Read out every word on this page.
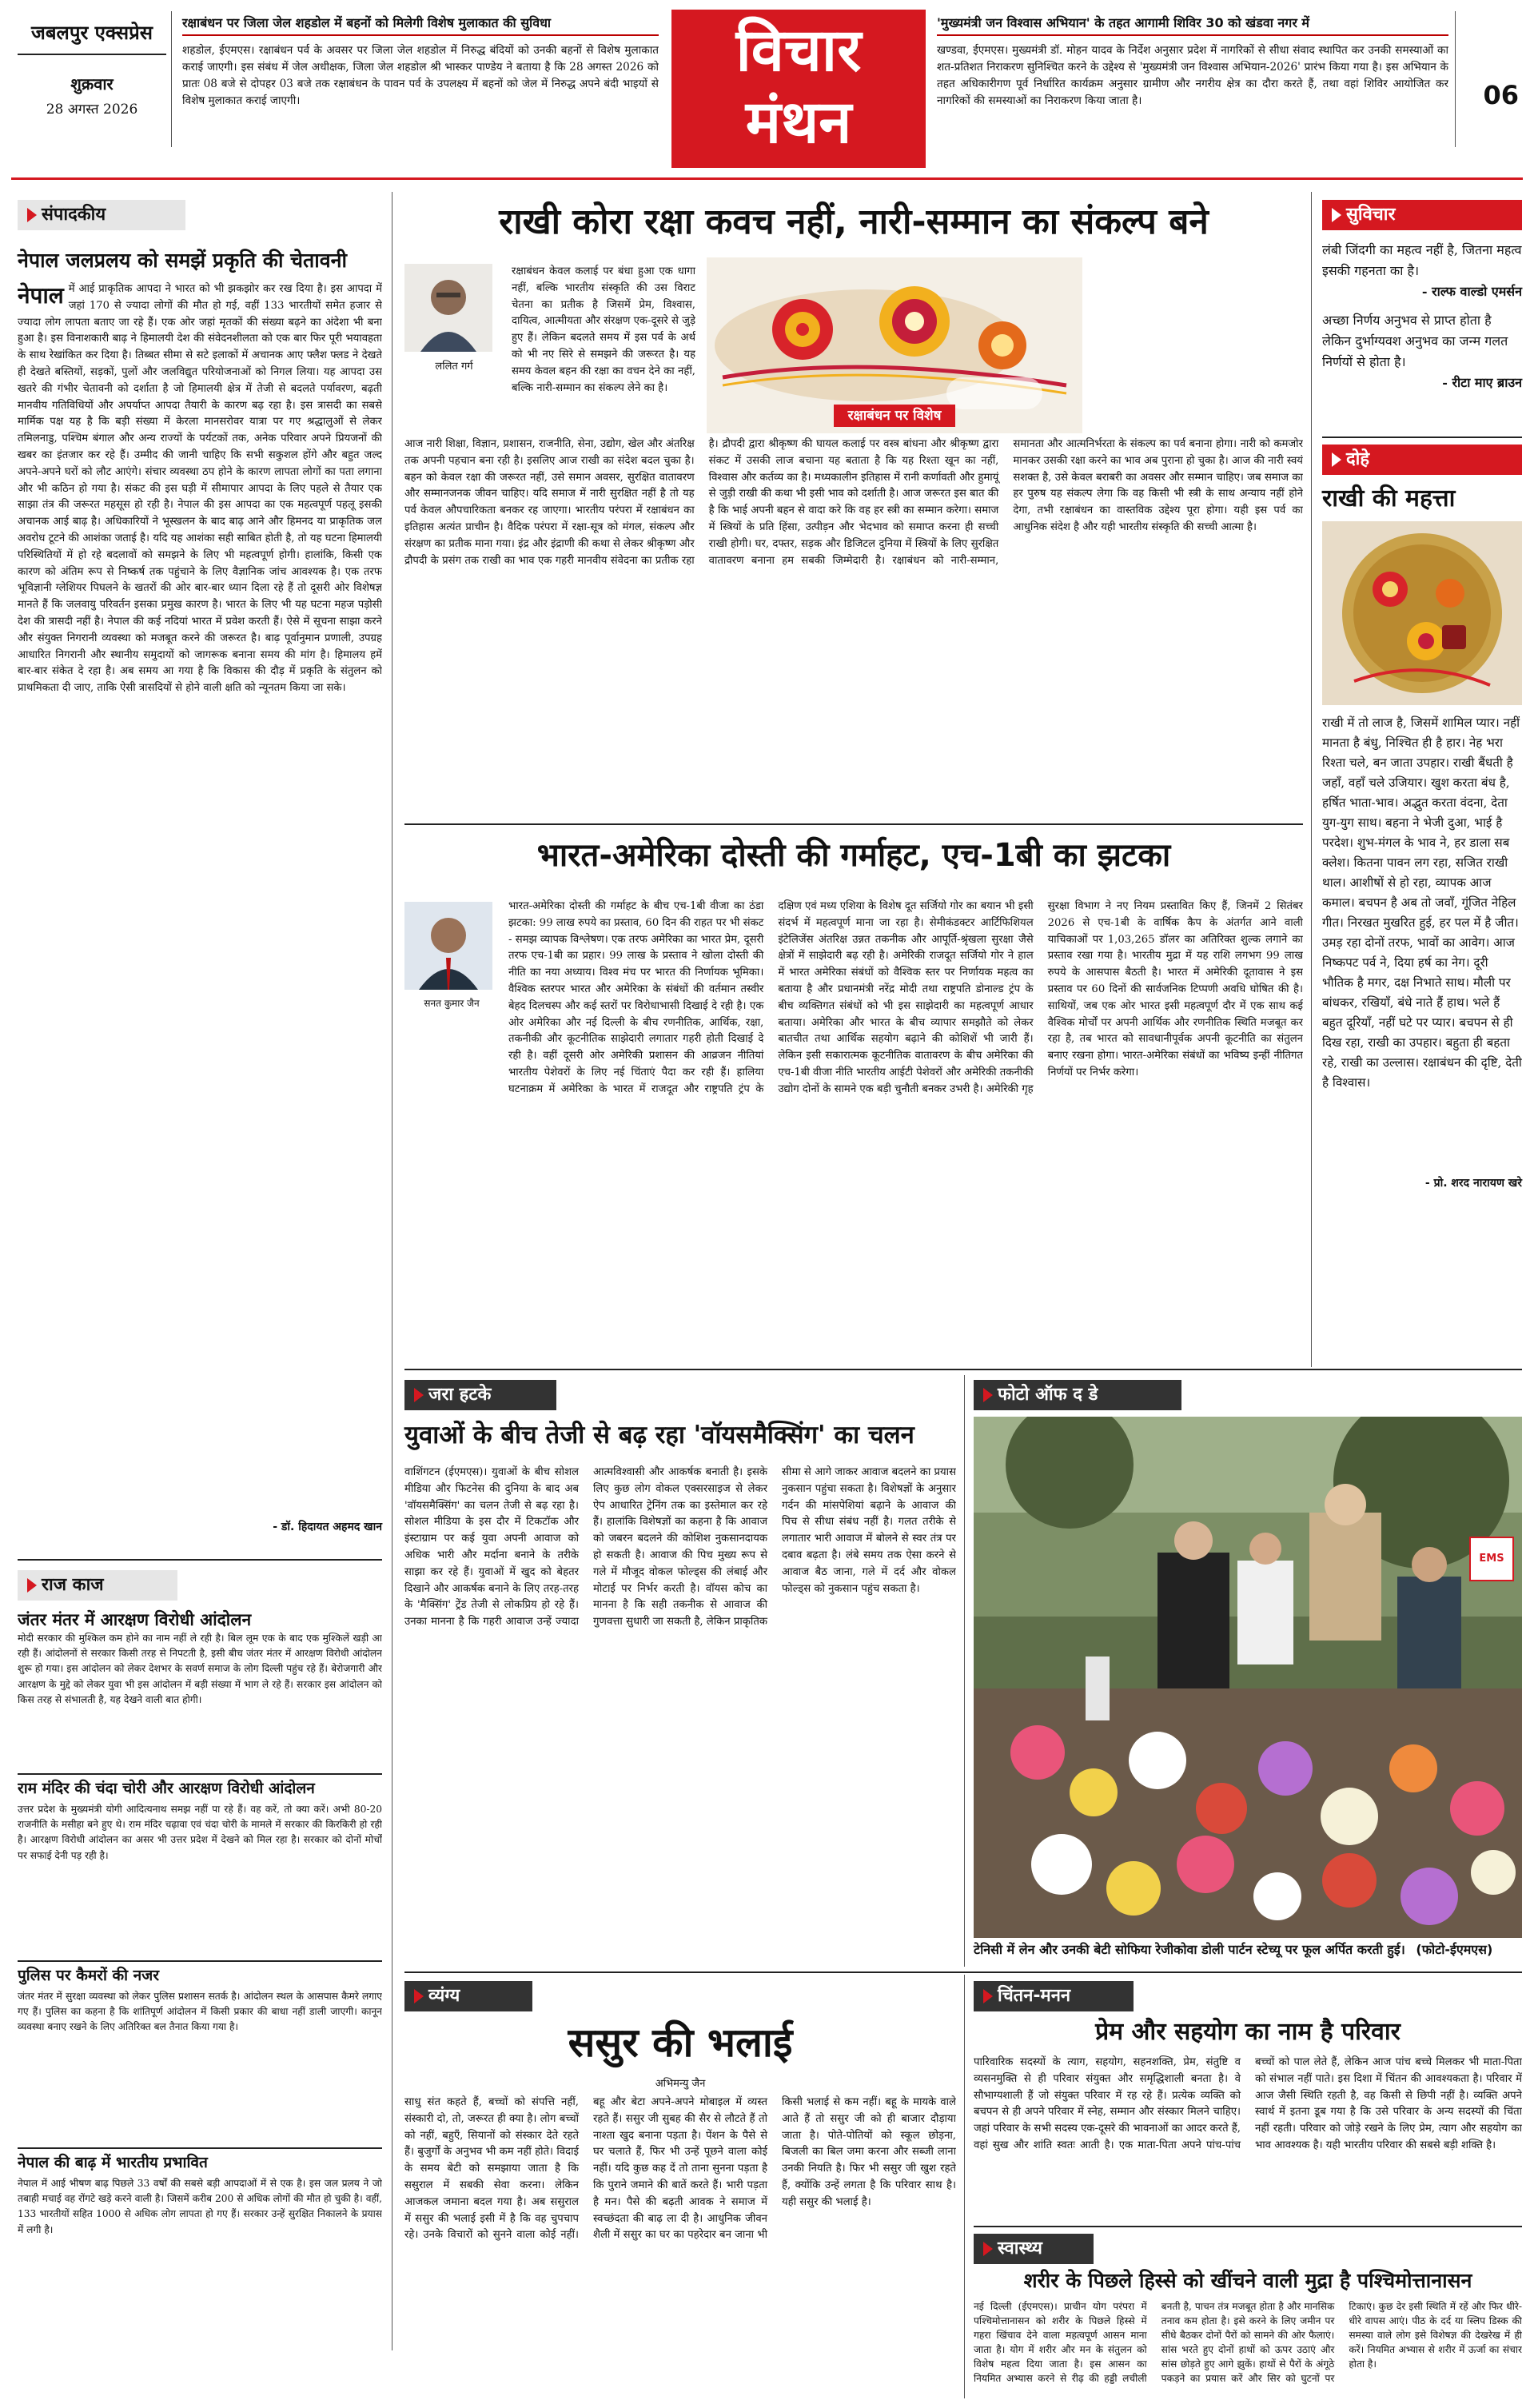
जबलपुर एक्सप्रेस
शुक्रवार
28 अगस्त 2026
रक्षाबंधन पर जिला जेल शहडोल में बहनों को मिलेगी विशेष मुलाकात की सुविधा
शहडोल, ईएमएस। रक्षाबंधन पर्व के अवसर पर जिला जेल शहडोल में निरुद्ध बंदियों को उनकी बहनों से विशेष मुलाकात कराई जाएगी। इस संबंध में जेल अधीक्षक, जिला जेल शहडोल श्री भास्कर पाण्डेय ने बताया है कि 28 अगस्त 2026 को प्रातः 08 बजे से दोपहर 03 बजे तक रक्षाबंधन के पावन पर्व के उपलक्ष्य में बहनों को जेल में निरुद्ध अपने बंदी भाइयों से विशेष मुलाकात कराई जाएगी।
विचार
मंथन
'मुख्यमंत्री जन विश्वास अभियान' के तहत आगामी शिविर 30 को खंडवा नगर में
खण्डवा, ईएमएस। मुख्यमंत्री डॉ. मोहन यादव के निर्देश अनुसार प्रदेश में नागरिकों से सीधा संवाद स्थापित कर उनकी समस्याओं का शत-प्रतिशत निराकरण सुनिश्चित करने के उद्देश्य से 'मुख्यमंत्री जन विश्वास अभियान-2026' प्रारंभ किया गया है। इस अभियान के तहत अधिकारीगण पूर्व निर्धारित कार्यक्रम अनुसार ग्रामीण और नगरीय क्षेत्र का दौरा करते हैं, तथा वहां शिविर आयोजित कर नागरिकों की समस्याओं का निराकरण किया जाता है।	06
संपादकीय
नेपाल जलप्रलय को समझें प्रकृति की चेतावनी
नेपाल में आई प्राकृतिक आपदा ने भारत को भी झकझोर कर रख दिया है। इस आपदा में जहां 170 से ज्यादा लोगों की मौत हो गई, वहीं 133 भारतीयों समेत हजार से ज्यादा लोग लापता बताए जा रहे हैं। एक ओर जहां मृतकों की संख्या बढ़ने का अंदेशा भी बना हुआ है। इस विनाशकारी बाढ़ ने हिमालयी देश की संवेदनशीलता को एक बार फिर पूरी भयावहता के साथ रेखांकित कर दिया है। तिब्बत सीमा से सटे इलाकों में अचानक आए फ्लैश फ्लड ने देखते ही देखते बस्तियों, सड़कों, पुलों और जलविद्युत परियोजनाओं को निगल लिया। यह आपदा उस खतरे की गंभीर चेतावनी को दर्शाता है जो हिमालयी क्षेत्र में तेजी से बदलते पर्यावरण, बढ़ती मानवीय गतिविधियों और अपर्याप्त आपदा तैयारी के कारण बढ़ रहा है। इस त्रासदी का सबसे मार्मिक पक्ष यह है कि बड़ी संख्या में केरला मानसरोवर यात्रा पर गए श्रद्धालुओं से लेकर तमिलनाडु, पश्चिम बंगाल और अन्य राज्यों के पर्यटकों तक, अनेक परिवार अपने प्रियजनों की खबर का इंतजार कर रहे हैं। उम्मीद की जानी चाहिए कि सभी सकुशल होंगे और बहुत जल्द अपने-अपने घरों को लौट आएंगे। संचार व्यवस्था ठप होने के कारण लापता लोगों का पता लगाना और भी कठिन हो गया है। संकट की इस घड़ी में सीमापार आपदा के लिए पहले से तैयार एक साझा तंत्र की जरूरत महसूस हो रही है। नेपाल की इस आपदा का एक महत्वपूर्ण पहलू इसकी अचानक आई बाढ़ है। अधिकारियों ने भूस्खलन के बाद बाढ़ आने और हिमनद या प्राकृतिक जल अवरोध टूटने की आशंका जताई है। यदि यह आशंका सही साबित होती है, तो यह घटना हिमालयी परिस्थितियों में हो रहे बदलावों को समझने के लिए भी महत्वपूर्ण होगी। हालांकि, किसी एक कारण को अंतिम रूप से निष्कर्ष तक पहुंचाने के लिए वैज्ञानिक जांच आवश्यक है। एक तरफ भूविज्ञानी ग्लेशियर पिघलने के खतरों की ओर बार-बार ध्यान दिला रहे हैं तो दूसरी ओर विशेषज्ञ मानते हैं कि जलवायु परिवर्तन इसका प्रमुख कारण है। भारत के लिए भी यह घटना महज पड़ोसी देश की त्रासदी नहीं है। नेपाल की कई नदियां भारत में प्रवेश करती हैं। ऐसे में सूचना साझा करने और संयुक्त निगरानी व्यवस्था को मजबूत करने की जरूरत है। बाढ़ पूर्वानुमान प्रणाली, उपग्रह आधारित निगरानी और स्थानीय समुदायों को जागरूक बनाना समय की मांग है। हिमालय हमें बार-बार संकेत दे रहा है। अब समय आ गया है कि विकास की दौड़ में प्रकृति के संतुलन को प्राथमिकता दी जाए, ताकि ऐसी त्रासदियों से होने वाली क्षति को न्यूनतम किया जा सके।
- डॉ. हिदायत अहमद खान
राज काज
जंतर मंतर में आरक्षण विरोधी आंदोलन
मोदी सरकार की मुश्किल कम होने का नाम नहीं ले रही है। बिल लूम एक के बाद एक मुश्किलें खड़ी आ रही हैं। आंदोलनों से सरकार किसी तरह से निपटती है, इसी बीच जंतर मंतर में आरक्षण विरोधी आंदोलन शुरू हो गया। इस आंदोलन को लेकर देशभर के सवर्ण समाज के लोग दिल्ली पहुंच रहे हैं। बेरोजगारी और आरक्षण के मुद्दे को लेकर युवा भी इस आंदोलन में बड़ी संख्या में भाग ले रहे हैं। सरकार इस आंदोलन को किस तरह से संभालती है, यह देखने वाली बात होगी।
राम मंदिर की चंदा चोरी और आरक्षण विरोधी आंदोलन
उत्तर प्रदेश के मुख्यमंत्री योगी आदित्यनाथ समझ नहीं पा रहे हैं। वह करें, तो क्या करें। अभी 80-20 राजनीति के मसीहा बने हुए थे। राम मंदिर चढ़ावा एवं चंदा चोरी के मामले में सरकार की किरकिरी हो रही है। आरक्षण विरोधी आंदोलन का असर भी उत्तर प्रदेश में देखने को मिल रहा है। सरकार को दोनों मोर्चों पर सफाई देनी पड़ रही है।
पुलिस पर कैमरों की नजर
जंतर मंतर में सुरक्षा व्यवस्था को लेकर पुलिस प्रशासन सतर्क है। आंदोलन स्थल के आसपास कैमरे लगाए गए हैं। पुलिस का कहना है कि शांतिपूर्ण आंदोलन में किसी प्रकार की बाधा नहीं डाली जाएगी। कानून व्यवस्था बनाए रखने के लिए अतिरिक्त बल तैनात किया गया है।
नेपाल की बाढ़ में भारतीय प्रभावित
नेपाल में आई भीषण बाढ़ पिछले 33 वर्षों की सबसे बड़ी आपदाओं में से एक है। इस जल प्रलय ने जो तबाही मचाई वह रोंगटे खड़े करने वाली है। जिसमें करीब 200 से अधिक लोगों की मौत हो चुकी है। वहीं, 133 भारतीयों सहित 1000 से अधिक लोग लापता हो गए हैं। सरकार उन्हें सुरक्षित निकालने के प्रयास में लगी है।
राखी कोरा रक्षा कवच नहीं, नारी-सम्मान का संकल्प बने
ललित गर्ग
रक्षाबंधन केवल कलाई पर बंधा हुआ एक धागा नहीं, बल्कि भारतीय संस्कृति की उस विराट चेतना का प्रतीक है जिसमें प्रेम, विश्वास, दायित्व, आत्मीयता और संरक्षण एक-दूसरे से जुड़े हुए हैं। लेकिन बदलते समय में इस पर्व के अर्थ को भी नए सिरे से समझने की जरूरत है। यह समय केवल बहन की रक्षा का वचन देने का नहीं, बल्कि नारी-सम्मान का संकल्प लेने का है।
रक्षाबंधन पर विशेष
आज नारी शिक्षा, विज्ञान, प्रशासन, राजनीति, सेना, उद्योग, खेल और अंतरिक्ष तक अपनी पहचान बना रही है। इसलिए आज राखी का संदेश बदल चुका है। बहन को केवल रक्षा की जरूरत नहीं, उसे समान अवसर, सुरक्षित वातावरण और सम्मानजनक जीवन चाहिए। यदि समाज में नारी सुरक्षित नहीं है तो यह पर्व केवल औपचारिकता बनकर रह जाएगा। भारतीय परंपरा में रक्षाबंधन का इतिहास अत्यंत प्राचीन है। वैदिक परंपरा में रक्षा-सूत्र को मंगल, संकल्प और संरक्षण का प्रतीक माना गया। इंद्र और इंद्राणी की कथा से लेकर श्रीकृष्ण और द्रौपदी के प्रसंग तक राखी का भाव एक गहरी मानवीय संवेदना का प्रतीक रहा है। द्रौपदी द्वारा श्रीकृष्ण की घायल कलाई पर वस्त्र बांधना और श्रीकृष्ण द्वारा संकट में उसकी लाज बचाना यह बताता है कि यह रिश्ता खून का नहीं, विश्वास और कर्तव्य का है। मध्यकालीन इतिहास में रानी कर्णावती और हुमायूं से जुड़ी राखी की कथा भी इसी भाव को दर्शाती है। आज जरूरत इस बात की है कि भाई अपनी बहन से वादा करे कि वह हर स्त्री का सम्मान करेगा। समाज में स्त्रियों के प्रति हिंसा, उत्पीड़न और भेदभाव को समाप्त करना ही सच्ची राखी होगी। घर, दफ्तर, सड़क और डिजिटल दुनिया में स्त्रियों के लिए सुरक्षित वातावरण बनाना हम सबकी जिम्मेदारी है। रक्षाबंधन को नारी-सम्मान, समानता और आत्मनिर्भरता के संकल्प का पर्व बनाना होगा। नारी को कमजोर मानकर उसकी रक्षा करने का भाव अब पुराना हो चुका है। आज की नारी स्वयं सशक्त है, उसे केवल बराबरी का अवसर और सम्मान चाहिए। जब समाज का हर पुरुष यह संकल्प लेगा कि वह किसी भी स्त्री के साथ अन्याय नहीं होने देगा, तभी रक्षाबंधन का वास्तविक उद्देश्य पूरा होगा। यही इस पर्व का आधुनिक संदेश है और यही भारतीय संस्कृति की सच्ची आत्मा है।
सुविचार
लंबी जिंदगी का महत्व नहीं है, जितना महत्व इसकी गहनता का है।
- राल्फ वाल्डो एमर्सन
अच्छा निर्णय अनुभव से प्राप्त होता है लेकिन दुर्भाग्यवश अनुभव का जन्म गलत निर्णयों से होता है।
- रीटा माए ब्राउन
दोहे
राखी की महत्ता
राखी में तो लाज है, जिसमें शामिल प्यार। नहीं मानता है बंधु, निश्चित ही है हार। नेह भरा रिश्ता चले, बन जाता उपहार। राखी बैंधती है जहाँ, वहाँ चले उजियार। खुश करता बंध है, हर्षित भाता-भाव। अद्भुत करता वंदना, देता युग-युग साथ। बहना ने भेजी दुआ, भाई है परदेश। शुभ-मंगल के भाव ने, हर डाला सब क्लेश। कितना पावन लग रहा, सजित राखी थाल। आशीषों से हो रहा, व्यापक आज कमाल। बचपन है अब तो जवाँ, गूंजित नेहिल गीत। निरखत मुखरित हुई, हर पल में है जीत। उमड़ रहा दोनों तरफ, भावों का आवेग। आज निष्कपट पर्व ने, दिया हर्ष का नेग। दूरी भौतिक है मगर, दक्ष निभाते साथ। मौली पर बांधकर, रखियाँ, बंधे नाते हैं हाथ। भले हैं बहुत दूरियाँ, नहीं घटे पर प्यार। बचपन से ही दिख रहा, राखी का उपहार। बहुता ही बहता रहे, राखी का उल्लास। रक्षाबंधन की दृष्टि, देती है विश्वास।
- प्रो. शरद नारायण खरे
भारत-अमेरिका दोस्ती की गर्माहट, एच-1बी का झटका
सनत कुमार जैन
भारत-अमेरिका दोस्ती की गर्माहट के बीच एच-1बी वीजा का ठंडा झटका: 99 लाख रुपये का प्रस्ताव, 60 दिन की राहत पर भी संकट - समझ व्यापक विश्लेषण। एक तरफ अमेरिका का भारत प्रेम, दूसरी तरफ एच-1बी का प्रहार। 99 लाख के प्रस्ताव ने खोला दोस्ती की नीति का नया अध्याय। विश्व मंच पर भारत की निर्णायक भूमिका। वैश्विक स्तरपर भारत और अमेरिका के संबंधों की वर्तमान तस्वीर बेहद दिलचस्प और कई स्तरों पर विरोधाभासी दिखाई दे रही है। एक ओर अमेरिका और नई दिल्ली के बीच रणनीतिक, आर्थिक, रक्षा, तकनीकी और कूटनीतिक साझेदारी लगातार गहरी होती दिखाई दे रही है। वहीं दूसरी ओर अमेरिकी प्रशासन की आव्रजन नीतियां भारतीय पेशेवरों के लिए नई चिंताएं पैदा कर रही हैं। हालिया घटनाक्रम में अमेरिका के भारत में राजदूत और राष्ट्रपति ट्रंप के दक्षिण एवं मध्य एशिया के विशेष दूत सर्जियो गोर का बयान भी इसी संदर्भ में महत्वपूर्ण माना जा रहा है। सेमीकंडक्टर आर्टिफिशियल इंटेलिजेंस अंतरिक्ष उन्नत तकनीक और आपूर्ति-श्रृंखला सुरक्षा जैसे क्षेत्रों में साझेदारी बढ़ रही है। अमेरिकी राजदूत सर्जियो गोर ने हाल में भारत अमेरिका संबंधों को वैश्विक स्तर पर निर्णायक महत्व का बताया है और प्रधानमंत्री नरेंद्र मोदी तथा राष्ट्रपति डोनाल्ड ट्रंप के बीच व्यक्तिगत संबंधों को भी इस साझेदारी का महत्वपूर्ण आधार बताया। अमेरिका और भारत के बीच व्यापार समझौते को लेकर बातचीत तथा आर्थिक सहयोग बढ़ाने की कोशिशें भी जारी हैं। लेकिन इसी सकारात्मक कूटनीतिक वातावरण के बीच अमेरिका की एच-1बी वीजा नीति भारतीय आईटी पेशेवरों और अमेरिकी तकनीकी उद्योग दोनों के सामने एक बड़ी चुनौती बनकर उभरी है। अमेरिकी गृह सुरक्षा विभाग ने नए नियम प्रस्तावित किए हैं, जिनमें 2 सितंबर 2026 से एच-1बी के वार्षिक कैप के अंतर्गत आने वाली याचिकाओं पर 1,03,265 डॉलर का अतिरिक्त शुल्क लगाने का प्रस्ताव रखा गया है। भारतीय मुद्रा में यह राशि लगभग 99 लाख रुपये के आसपास बैठती है। भारत में अमेरिकी दूतावास ने इस प्रस्ताव पर 60 दिनों की सार्वजनिक टिप्पणी अवधि घोषित की है। साथियों, जब एक ओर भारत इसी महत्वपूर्ण दौर में एक साथ कई वैश्विक मोर्चों पर अपनी आर्थिक और रणनीतिक स्थिति मजबूत कर रहा है, तब भारत को सावधानीपूर्वक अपनी कूटनीति का संतुलन बनाए रखना होगा। भारत-अमेरिका संबंधों का भविष्य इन्हीं नीतिगत निर्णयों पर निर्भर करेगा।
जरा हटके
युवाओं के बीच तेजी से बढ़ रहा 'वॉयसमैक्सिंग' का चलन
वाशिंगटन (ईएमएस)। युवाओं के बीच सोशल मीडिया और फिटनेस की दुनिया के बाद अब 'वॉयसमैक्सिंग' का चलन तेजी से बढ़ रहा है। सोशल मीडिया के इस दौर में टिकटॉक और इंस्टाग्राम पर कई युवा अपनी आवाज को अधिक भारी और मर्दाना बनाने के तरीके साझा कर रहे हैं। युवाओं में खुद को बेहतर दिखाने और आकर्षक बनाने के लिए तरह-तरह के 'मैक्सिंग' ट्रेंड तेजी से लोकप्रिय हो रहे हैं। उनका मानना है कि गहरी आवाज उन्हें ज्यादा आत्मविश्वासी और आकर्षक बनाती है। इसके लिए कुछ लोग वोकल एक्सरसाइज से लेकर ऐप आधारित ट्रेनिंग तक का इस्तेमाल कर रहे हैं। हालांकि विशेषज्ञों का कहना है कि आवाज को जबरन बदलने की कोशिश नुकसानदायक हो सकती है। आवाज की पिच मुख्य रूप से गले में मौजूद वोकल फोल्ड्स की लंबाई और मोटाई पर निर्भर करती है। वॉयस कोच का मानना है कि सही तकनीक से आवाज की गुणवत्ता सुधारी जा सकती है, लेकिन प्राकृतिक सीमा से आगे जाकर आवाज बदलने का प्रयास नुकसान पहुंचा सकता है। विशेषज्ञों के अनुसार गर्दन की मांसपेशियां बढ़ाने के आवाज की पिच से सीधा संबंध नहीं है। गलत तरीके से लगातार भारी आवाज में बोलने से स्वर तंत्र पर दबाव बढ़ता है। लंबे समय तक ऐसा करने से आवाज बैठ जाना, गले में दर्द और वोकल फोल्ड्स को नुकसान पहुंच सकता है।
फोटो ऑफ द डे
EMS
टेनिसी में लेन और उनकी बेटी सोफिया रेजीकोवा डोली पार्टन स्टेच्यू पर फूल अर्पित करती हुई। (फोटो-ईएमएस)
व्यंग्य
ससुर की भलाई
अभिमन्यु जैन
साधु संत कहते हैं, बच्चों को संपत्ति नहीं, संस्कारी दो, तो, जरूरत ही क्या है। लोग बच्चों को नहीं, बहुएँ, सियानों को संस्कार देते रहते हैं। बुजुर्गों के अनुभव भी कम नहीं होते। विदाई के समय बेटी को समझाया जाता है कि ससुराल में सबकी सेवा करना। लेकिन आजकल जमाना बदल गया है। अब ससुराल में ससुर की भलाई इसी में है कि वह चुपचाप रहे। उनके विचारों को सुनने वाला कोई नहीं। बहू और बेटा अपने-अपने मोबाइल में व्यस्त रहते हैं। ससुर जी सुबह की सैर से लौटते हैं तो नाश्ता खुद बनाना पड़ता है। पेंशन के पैसे से घर चलाते हैं, फिर भी उन्हें पूछने वाला कोई नहीं। यदि कुछ कह दें तो ताना सुनना पड़ता है कि पुराने जमाने की बातें करते हैं। भारी पड़ता है मन। पैसे की बढ़ती आवक ने समाज में स्वच्छंदता की बाढ़ ला दी है। आधुनिक जीवन शैली में ससुर का घर का पहरेदार बन जाना भी किसी भलाई से कम नहीं। बहू के मायके वाले आते हैं तो ससुर जी को ही बाजार दौड़ाया जाता है। पोते-पोतियों को स्कूल छोड़ना, बिजली का बिल जमा करना और सब्जी लाना उनकी नियति है। फिर भी ससुर जी खुश रहते हैं, क्योंकि उन्हें लगता है कि परिवार साथ है। यही ससुर की भलाई है।
चिंतन-मनन
प्रेम और सहयोग का नाम है परिवार
पारिवारिक सदस्यों के त्याग, सहयोग, सहनशक्ति, प्रेम, संतुष्टि व व्यसनमुक्ति से ही परिवार संयुक्त और समृद्धिशाली बनता है। वे सौभाग्यशाली हैं जो संयुक्त परिवार में रह रहे हैं। प्रत्येक व्यक्ति को बचपन से ही अपने परिवार में स्नेह, सम्मान और संस्कार मिलने चाहिए। जहां परिवार के सभी सदस्य एक-दूसरे की भावनाओं का आदर करते हैं, वहां सुख और शांति स्वतः आती है। एक माता-पिता अपने पांच-पांच बच्चों को पाल लेते हैं, लेकिन आज पांच बच्चे मिलकर भी माता-पिता को संभाल नहीं पाते। इस दिशा में चिंतन की आवश्यकता है। परिवार में आज जैसी स्थिति रहती है, वह किसी से छिपी नहीं है। व्यक्ति अपने स्वार्थ में इतना डूब गया है कि उसे परिवार के अन्य सदस्यों की चिंता नहीं रहती। परिवार को जोड़े रखने के लिए प्रेम, त्याग और सहयोग का भाव आवश्यक है। यही भारतीय परिवार की सबसे बड़ी शक्ति है।
स्वास्थ्य
शरीर के पिछले हिस्से को खींचने वाली मुद्रा है पश्चिमोत्तानासन
नई दिल्ली (ईएमएस)। प्राचीन योग परंपरा में पश्चिमोत्तानासन को शरीर के पिछले हिस्से में गहरा खिंचाव देने वाला महत्वपूर्ण आसन माना जाता है। योग में शरीर और मन के संतुलन को विशेष महत्व दिया जाता है। इस आसन का नियमित अभ्यास करने से रीढ़ की हड्डी लचीली बनती है, पाचन तंत्र मजबूत होता है और मानसिक तनाव कम होता है। इसे करने के लिए जमीन पर सीधे बैठकर दोनों पैरों को सामने की ओर फैलाएं। सांस भरते हुए दोनों हाथों को ऊपर उठाएं और सांस छोड़ते हुए आगे झुकें। हाथों से पैरों के अंगूठे पकड़ने का प्रयास करें और सिर को घुटनों पर टिकाएं। कुछ देर इसी स्थिति में रहें और फिर धीरे-धीरे वापस आएं। पीठ के दर्द या स्लिप डिस्क की समस्या वाले लोग इसे विशेषज्ञ की देखरेख में ही करें। नियमित अभ्यास से शरीर में ऊर्जा का संचार होता है।
